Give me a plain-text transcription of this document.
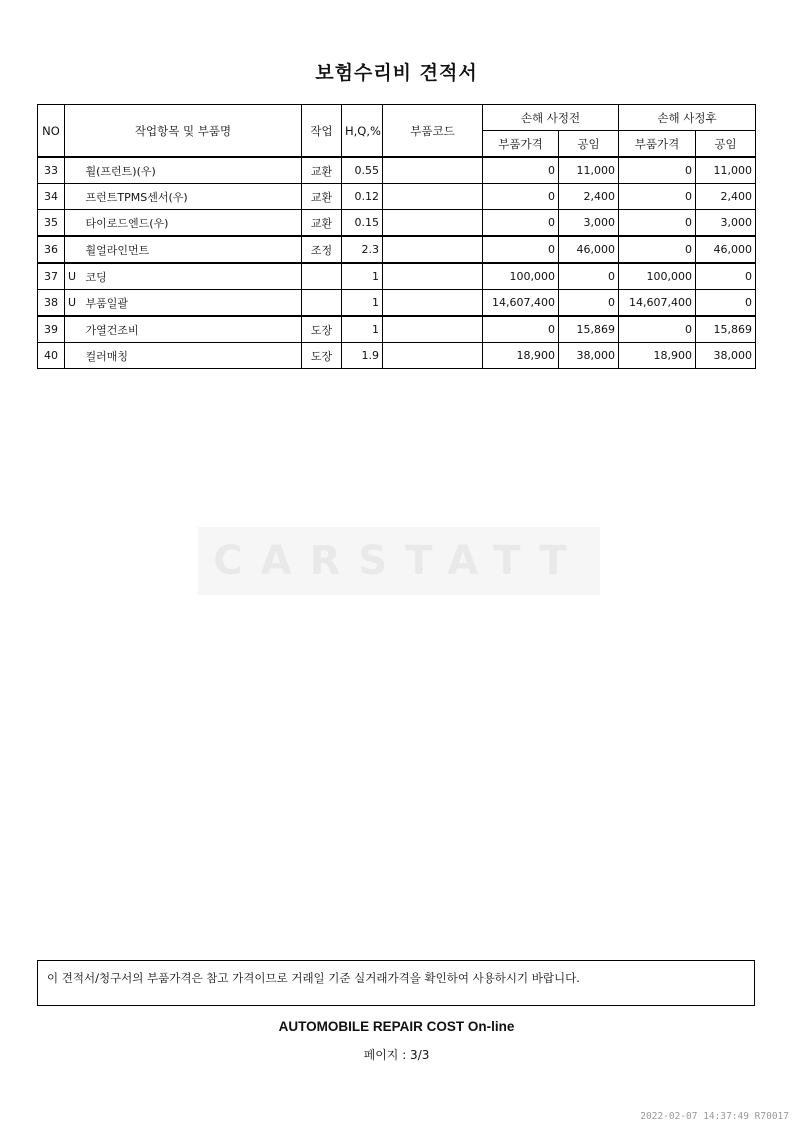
보험수리비 견적서
NO	작업항목 및 부품명		작업	H,Q,%	부품코드	손해 사정전		손해 사정후	
						부품가격	공임	부품가격	공임
33		휠(프런트)(우)	교환	0.55		0	11,000	0	11,000
34		프런트TPMS센서(우)	교환	0.12		0	2,400	0	2,400
35		타이로드엔드(우)	교환	0.15		0	3,000	0	3,000
36		휠얼라인먼트	조정	2.3		0	46,000	0	46,000
37	U	코딩		1		100,000	0	100,000	0
38	U	부품일괄		1		14,607,400	0	14,607,400	0
39		가열건조비	도장	1		0	15,869	0	15,869
40		컬러매칭	도장	1.9		18,900	38,000	18,900	38,000
CARSTATT
이 견적서/청구서의 부품가격은 참고 가격이므로 거래일 기준 실거래가격을 확인하여 사용하시기 바랍니다.
AUTOMOBILE REPAIR COST On-line
페이지 : 3/3
2022-02-07 14:37:49 R70017
